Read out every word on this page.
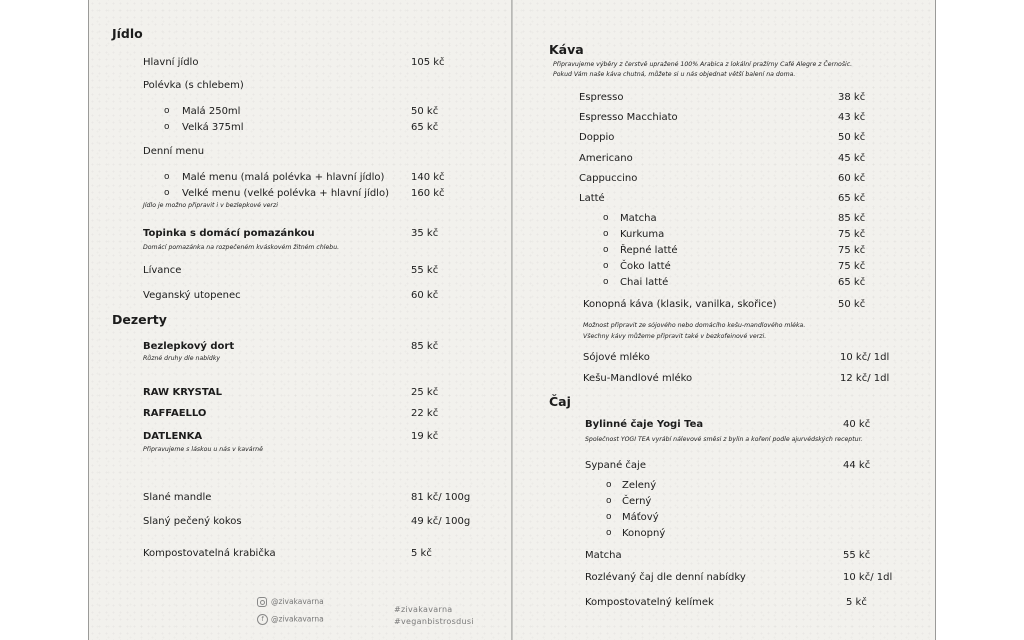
Jídlo
Hlavní jídlo	105 kč
Polévka (s chlebem)
o Malá 250ml	50 kč
o Velká 375ml	65 kč
Denní menu
o Malé menu (malá polévka + hlavní jídlo)	140 kč
o Velké menu (velké polévka + hlavní jídlo) 160 kč
Jídlo je možno připravit i v bezlepkové verzi
Topinka s domácí pomazánkou	35 kč
Domácí pomazánka na rozpečeném kváskovém žitném chlebu.
Lívance	55 kč
Veganský utopenec	60 kč
Dezerty
Bezlepkový dort	85 kč
Různé druhy dle nabídky
RAW KRYSTAL	25 kč
RAFFAELLO	22 kč
DATLENKA	19 kč
Připravujeme s láskou u nás v kavárně
Slané mandle	81 kč/ 100g
Slaný pečený kokos	49 kč/ 100g
Kompostovatelná krabička	5 kč
@zivakavarna
f @zivakavarna
#zivakavarna
#veganbistrosdusi
Káva
Připravujeme výběry z čerstvě upražené 100% Arabica z lokální pražírny Café Alegre z Černošic.
Pokud Vám naše káva chutná, můžete si u nás objednat větší balení na doma.
Espresso	38 kč
Espresso Macchiato	43 kč
Doppio	50 kč
Americano	45 kč
Cappuccino	60 kč
Latté	65 kč
o Matcha	85 kč
o Kurkuma	75 kč
o Řepné latté	75 kč
o Čoko latté	75 kč
o Chai latté	65 kč
Konopná káva (klasik, vanilka, skořice)	50 kč
Možnost připravit ze sójového nebo domácího kešu-mandlového mléka.
Všechny kávy můžeme připravit také v bezkofeinové verzi.
Sójové mléko	10 kč/ 1dl
Kešu-Mandlové mléko	12 kč/ 1dl
Čaj
Bylinné čaje Yogi Tea	40 kč
Společnost YOGI TEA vyrábí nálevové směsi z bylin a koření podle ajurvédských receptur.
Sypané čaje	44 kč
o Zelený
o Černý
o Máťový
o Konopný
Matcha	55 kč
Rozlévaný čaj dle denní nabídky	10 kč/ 1dl
Kompostovatelný kelímek	5 kč
